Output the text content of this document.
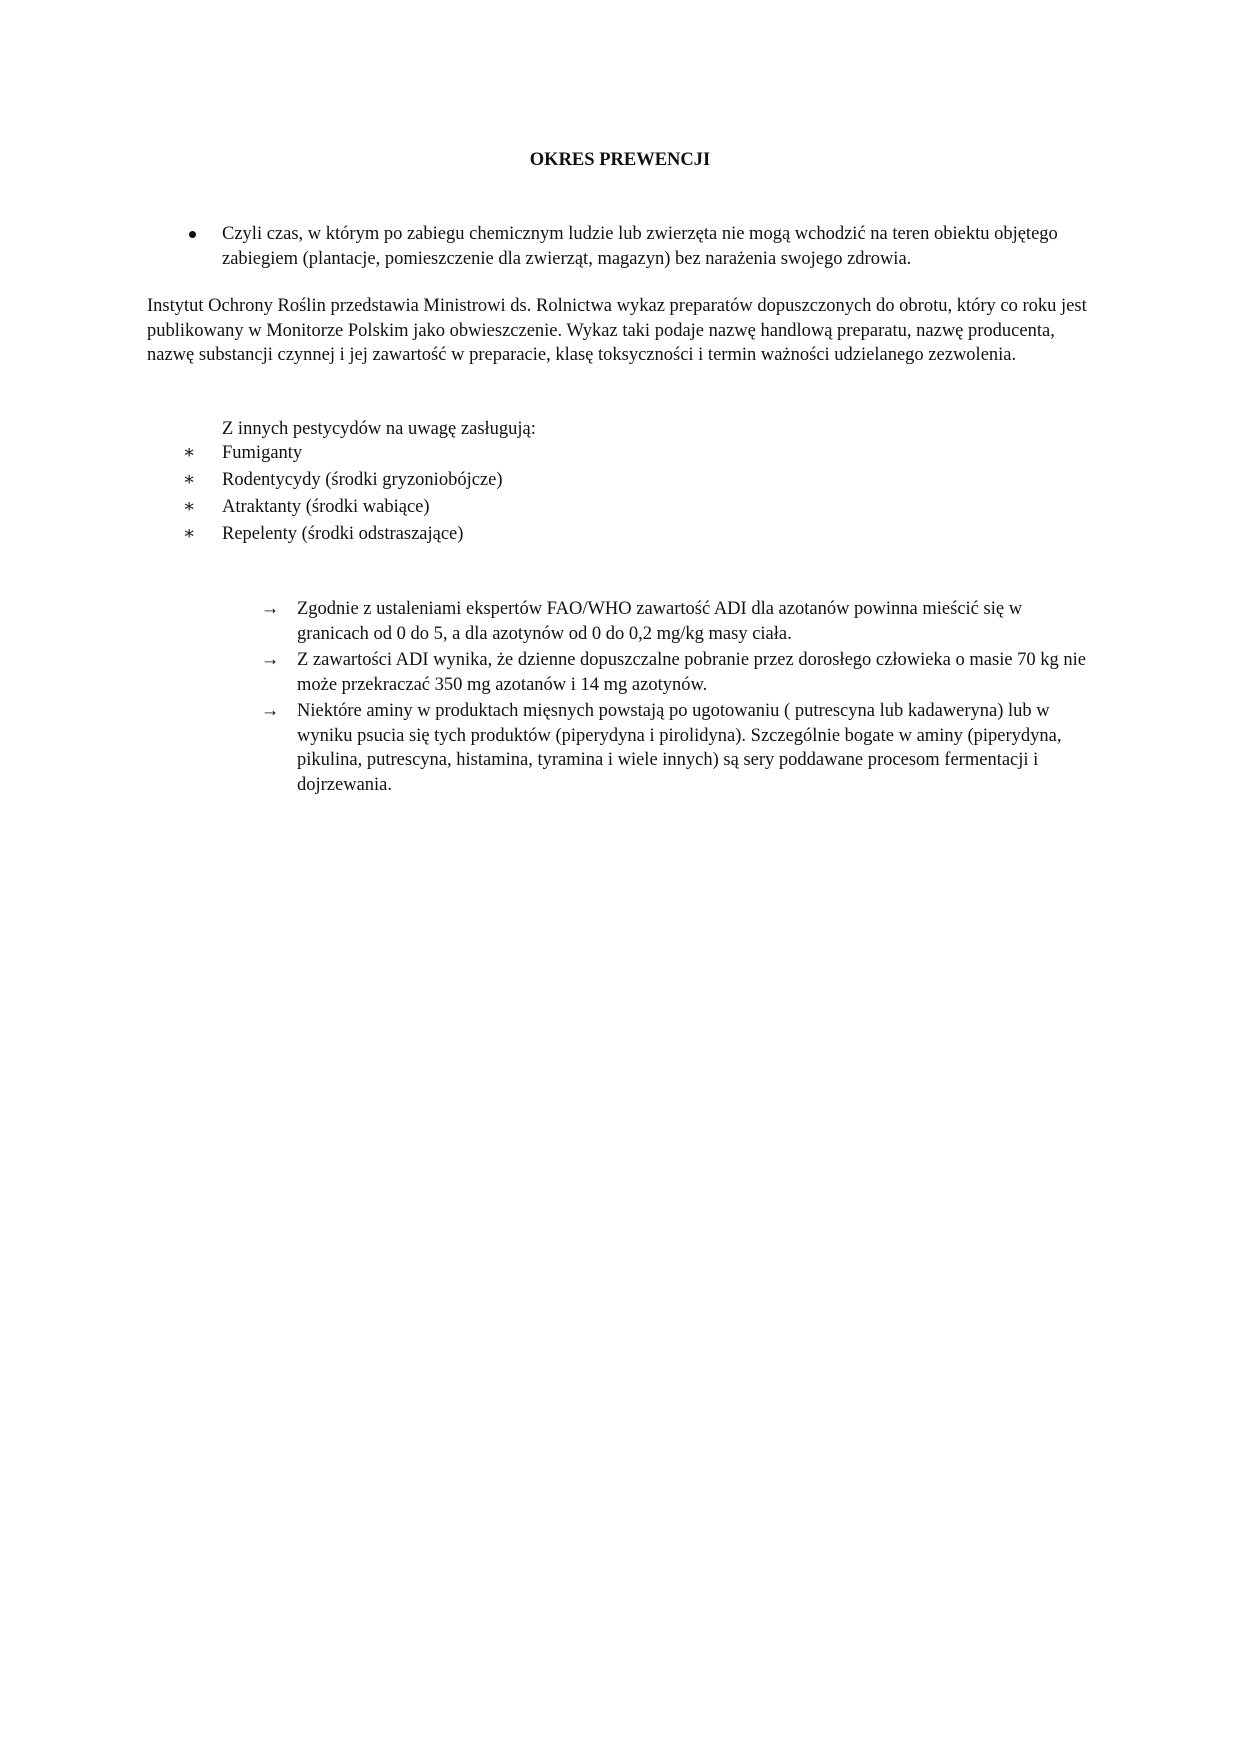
OKRES PREWENCJI
Czyli czas, w którym po zabiegu chemicznym ludzie lub zwierzęta nie mogą wchodzić na teren obiektu objętego zabiegiem (plantacje, pomieszczenie dla zwierząt, magazyn) bez narażenia swojego zdrowia.
Instytut Ochrony Roślin przedstawia Ministrowi ds. Rolnictwa wykaz preparatów dopuszczonych do obrotu, który co roku jest publikowany w Monitorze Polskim jako obwieszczenie. Wykaz taki podaje nazwę handlową preparatu, nazwę producenta, nazwę substancji czynnej i jej zawartość w preparacie, klasę toksyczności i termin ważności udzielanego zezwolenia.
Z innych pestycydów na uwagę zasługują:
∗ Fumiganty
∗ Rodentycydy (środki gryzoniobójcze)
∗ Atraktanty (środki wabiące)
∗ Repelenty (środki odstraszające)
→ Zgodnie z ustaleniami ekspertów FAO/WHO zawartość ADI dla azotanów powinna mieścić się w granicach od 0 do 5, a dla azotynów od 0 do 0,2 mg/kg masy ciała.
→ Z zawartości ADI wynika, że dzienne dopuszczalne pobranie przez dorosłego człowieka o masie 70 kg nie może przekraczać 350 mg azotanów i 14 mg azotynów.
→ Niektóre aminy w produktach mięsnych powstają po ugotowaniu ( putrescyna lub kadaweryna) lub w wyniku psucia się tych produktów (piperydyna i pirolidyna). Szczególnie bogate w aminy (piperydyna, pikulina, putrescyna, histamina, tyramina i wiele innych) są sery poddawane procesom fermentacji i dojrzewania.
